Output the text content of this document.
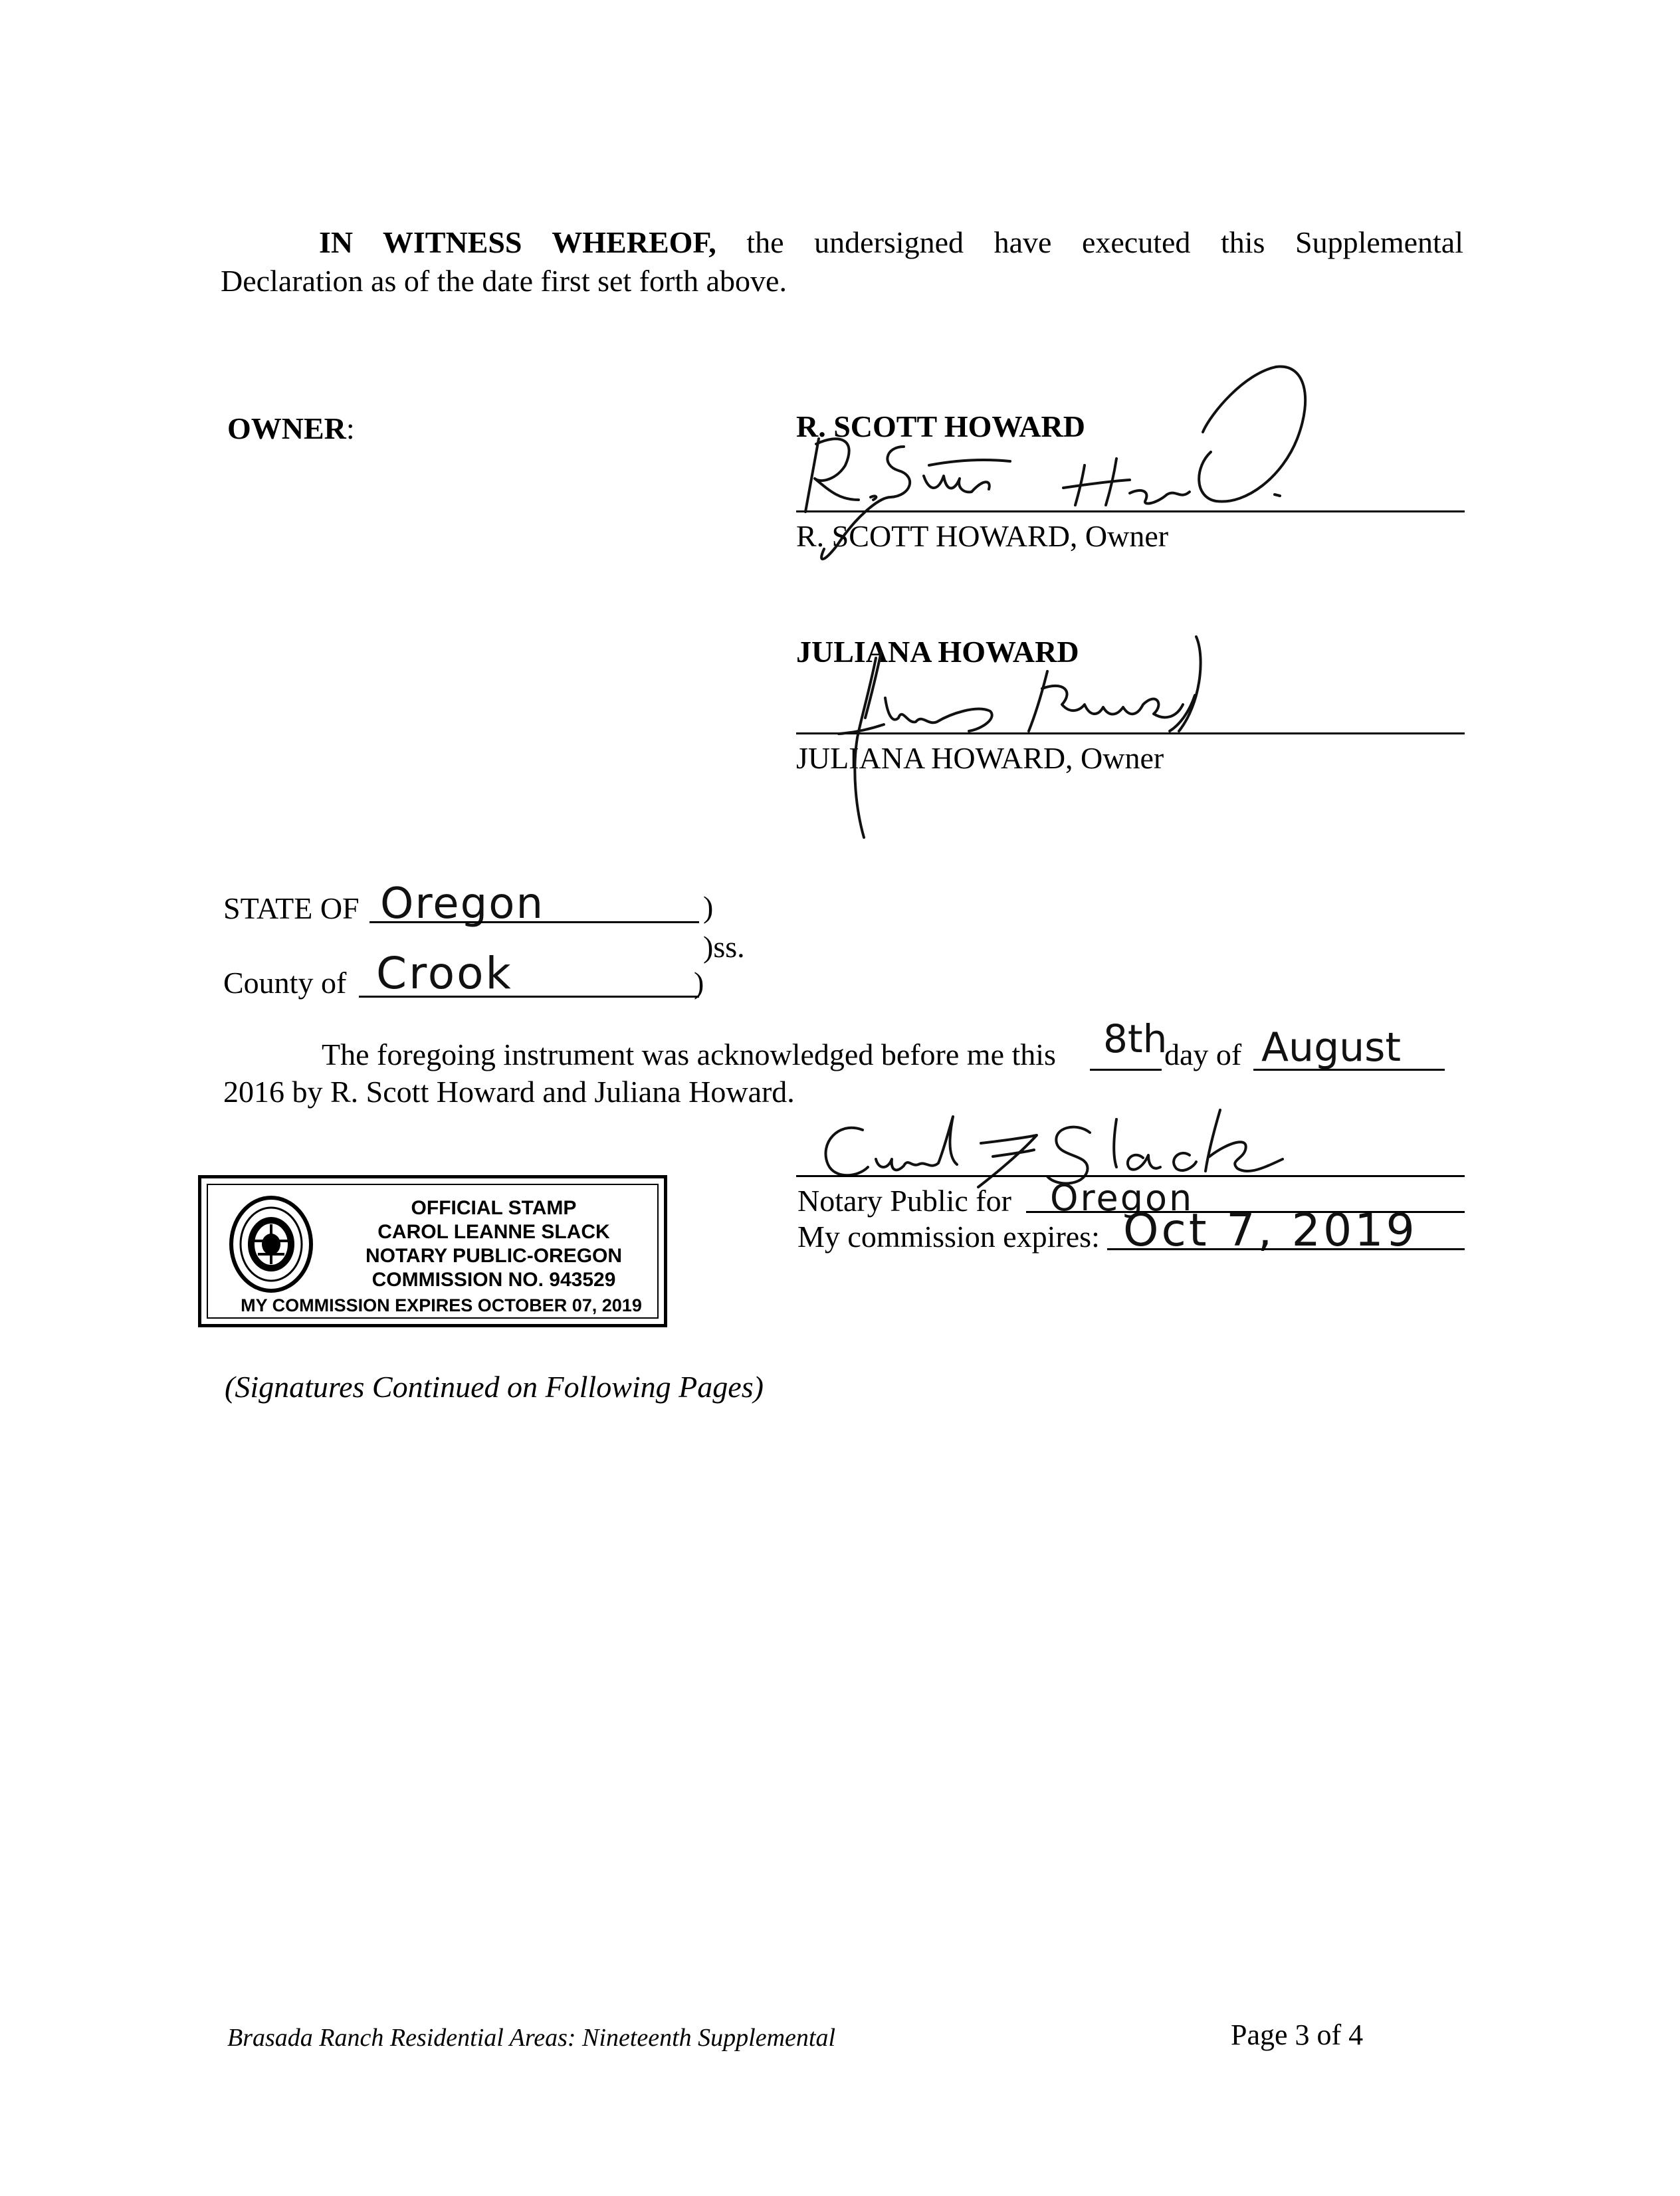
IN WITNESS WHEREOF, the undersigned have executed this Supplemental
Declaration as of the date first set forth above.
OWNER:	R. SCOTT HOWARD
R. SCOTT HOWARD, Owner
JULIANA HOWARD
JULIANA HOWARD, Owner
STATE OF Oregon	)
)ss.
County of Crook	)
The foregoing instrument was acknowledged before me this 8th
day of August
2016 by R. Scott Howard and Juliana Howard.
Notary Public for Oregon
My commission expires: Oct 7, 2019
OFFICIAL STAMP
CAROL LEANNE SLACK
NOTARY PUBLIC-OREGON
COMMISSION NO. 943529
MY COMMISSION EXPIRES OCTOBER 07, 2019
(Signatures Continued on Following Pages)
Brasada Ranch Residential Areas: Nineteenth Supplemental	Page 3 of 4
